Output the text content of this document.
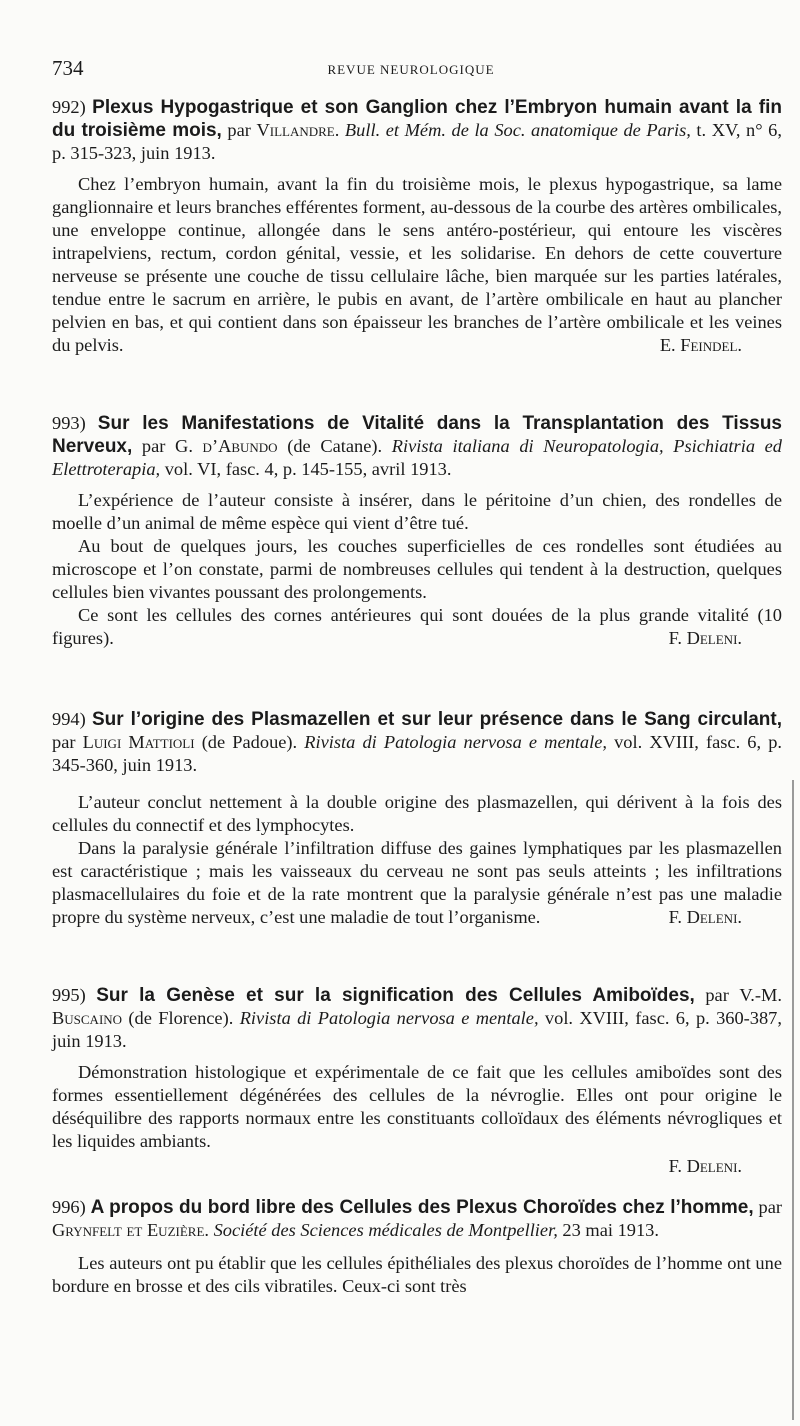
734	REVUE NEUROLOGIQUE

992) Plexus Hypogastrique et son Ganglion chez l’Embryon humain avant la fin du troisième mois, par Villandre. Bull. et Mém. de la Soc. anatomique de Paris, t. XV, n° 6, p. 315-323, juin 1913.

Chez l’embryon humain, avant la fin du troisième mois, le plexus hypogastrique, sa lame ganglionnaire et leurs branches efférentes forment, au-dessous de la courbe des artères ombilicales, une enveloppe continue, allongée dans le sens antéro-postérieur, qui entoure les viscères intrapelviens, rectum, cordon génital, vessie, et les solidarise. En dehors de cette couverture nerveuse se présente une couche de tissu cellulaire lâche, bien marquée sur les parties latérales, tendue entre le sacrum en arrière, le pubis en avant, de l’artère ombilicale en haut au plancher pelvien en bas, et qui contient dans son épaisseur les branches de l’artère ombilicale et les veines du pelvis.	E. Feindel.

993) Sur les Manifestations de Vitalité dans la Transplantation des Tissus Nerveux, par G. d’Abundo (de Catane). Rivista italiana di Neuropatologia, Psichiatria ed Elettroterapia, vol. VI, fasc. 4, p. 145-155, avril 1913.

L’expérience de l’auteur consiste à insérer, dans le péritoine d’un chien, des rondelles de moelle d’un animal de même espèce qui vient d’être tué.

Au bout de quelques jours, les couches superficielles de ces rondelles sont étudiées au microscope et l’on constate, parmi de nombreuses cellules qui tendent à la destruction, quelques cellules bien vivantes poussant des prolongements.

Ce sont les cellules des cornes antérieures qui sont douées de la plus grande vitalité (10 figures).	F. Deleni.

994) Sur l’origine des Plasmazellen et sur leur présence dans le Sang circulant, par Luigi Mattioli (de Padoue). Rivista di Patologia nervosa e mentale, vol. XVIII, fasc. 6, p. 345-360, juin 1913.

L’auteur conclut nettement à la double origine des plasmazellen, qui dérivent à la fois des cellules du connectif et des lymphocytes.

Dans la paralysie générale l’infiltration diffuse des gaines lymphatiques par les plasmazellen est caractéristique ; mais les vaisseaux du cerveau ne sont pas seuls atteints ; les infiltrations plasmacellulaires du foie et de la rate montrent que la paralysie générale n’est pas une maladie propre du système nerveux, c’est une maladie de tout l’organisme.	F. Deleni.

995) Sur la Genèse et sur la signification des Cellules Amiboïdes, par V.-M. Buscaino (de Florence). Rivista di Patologia nervosa e mentale, vol. XVIII, fasc. 6, p. 360-387, juin 1913.

Démonstration histologique et expérimentale de ce fait que les cellules amiboïdes sont des formes essentiellement dégénérées des cellules de la névroglie. Elles ont pour origine le déséquilibre des rapports normaux entre les constituants colloïdaux des éléments névrogliques et les liquides ambiants.

F. Deleni.

996) A propos du bord libre des Cellules des Plexus Choroïdes chez l’homme, par Grynfelt et Euzière. Société des Sciences médicales de Montpellier, 23 mai 1913.

Les auteurs ont pu établir que les cellules épithéliales des plexus choroïdes de l’homme ont une bordure en brosse et des cils vibratiles. Ceux-ci sont très
